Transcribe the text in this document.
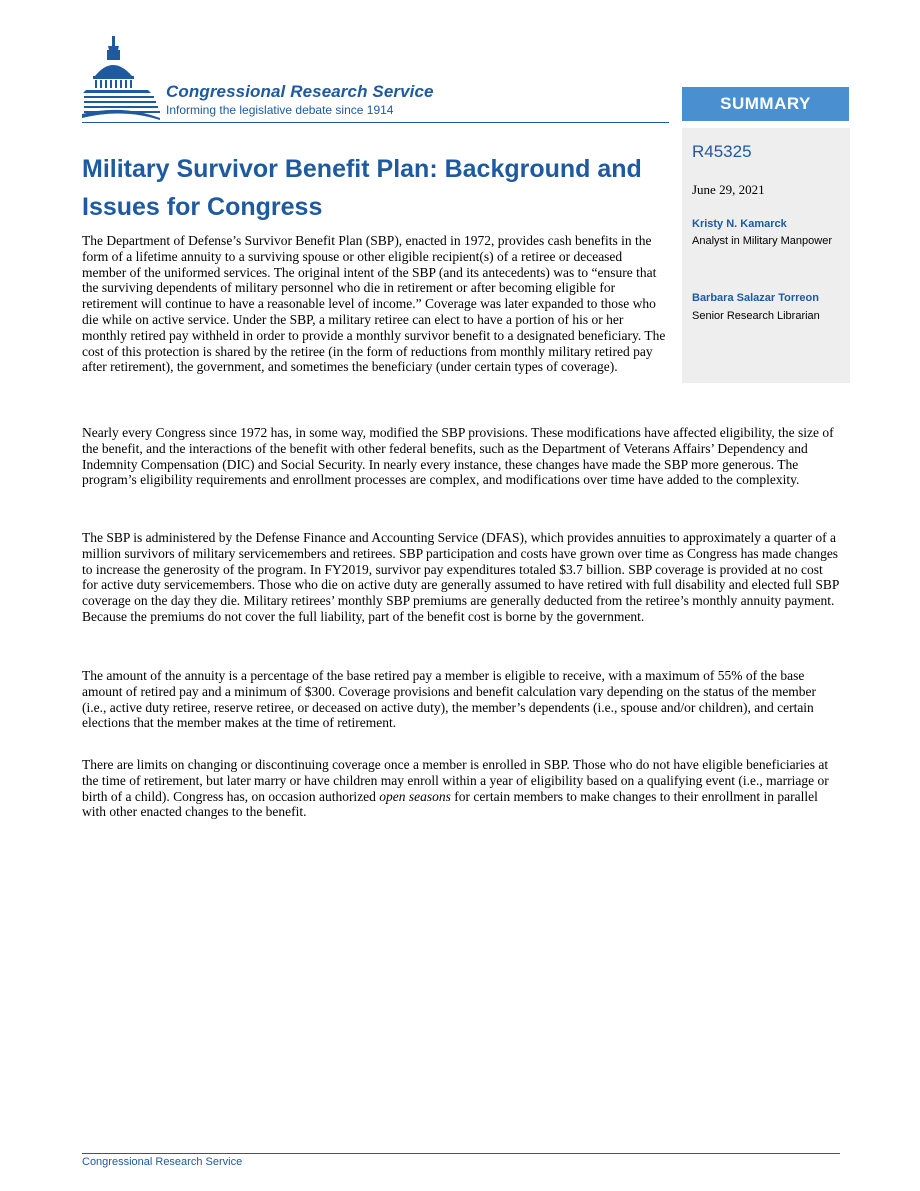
Congressional Research Service
Informing the legislative debate since 1914	SUMMARY
R45325
June 29, 2021
Kristy N. Kamarck
Analyst in Military Manpower
Barbara Salazar Torreon
Senior Research Librarian
Military Survivor Benefit Plan: Background and Issues for Congress

The Department of Defense’s Survivor Benefit Plan (SBP), enacted in 1972, provides cash benefits in the form of a lifetime annuity to a surviving spouse or other eligible recipient(s) of a retiree or deceased member of the uniformed services. The original intent of the SBP (and its antecedents) was to “ensure that the surviving dependents of military personnel who die in retirement or after becoming eligible for retirement will continue to have a reasonable level of income.” Coverage was later expanded to those who die while on active service. Under the SBP, a military retiree can elect to have a portion of his or her monthly retired pay withheld in order to provide a monthly survivor benefit to a designated beneficiary. The cost of this protection is shared by the retiree (in the form of reductions from monthly military retired pay after retirement), the government, and sometimes the beneficiary (under certain types of coverage).

Nearly every Congress since 1972 has, in some way, modified the SBP provisions. These modifications have affected eligibility, the size of the benefit, and the interactions of the benefit with other federal benefits, such as the Department of Veterans Affairs’ Dependency and Indemnity Compensation (DIC) and Social Security. In nearly every instance, these changes have made the SBP more generous. The program’s eligibility requirements and enrollment processes are complex, and modifications over time have added to the complexity.

The SBP is administered by the Defense Finance and Accounting Service (DFAS), which provides annuities to approximately a quarter of a million survivors of military servicemembers and retirees. SBP participation and costs have grown over time as Congress has made changes to increase the generosity of the program. In FY2019, survivor pay expenditures totaled $3.7 billion. SBP coverage is provided at no cost for active duty servicemembers. Those who die on active duty are generally assumed to have retired with full disability and elected full SBP coverage on the day they die. Military retirees’ monthly SBP premiums are generally deducted from the retiree’s monthly annuity payment. Because the premiums do not cover the full liability, part of the benefit cost is borne by the government.

The amount of the annuity is a percentage of the base retired pay a member is eligible to receive, with a maximum of 55% of the base amount of retired pay and a minimum of $300. Coverage provisions and benefit calculation vary depending on the status of the member (i.e., active duty retiree, reserve retiree, or deceased on active duty), the member’s dependents (i.e., spouse and/or children), and certain elections that the member makes at the time of retirement.

There are limits on changing or discontinuing coverage once a member is enrolled in SBP. Those who do not have eligible beneficiaries at the time of retirement, but later marry or have children may enroll within a year of eligibility based on a qualifying event (i.e., marriage or birth of a child). Congress has, on occasion authorized open seasons for certain members to make changes to their enrollment in parallel with other enacted changes to the benefit.

Congressional Research Service
